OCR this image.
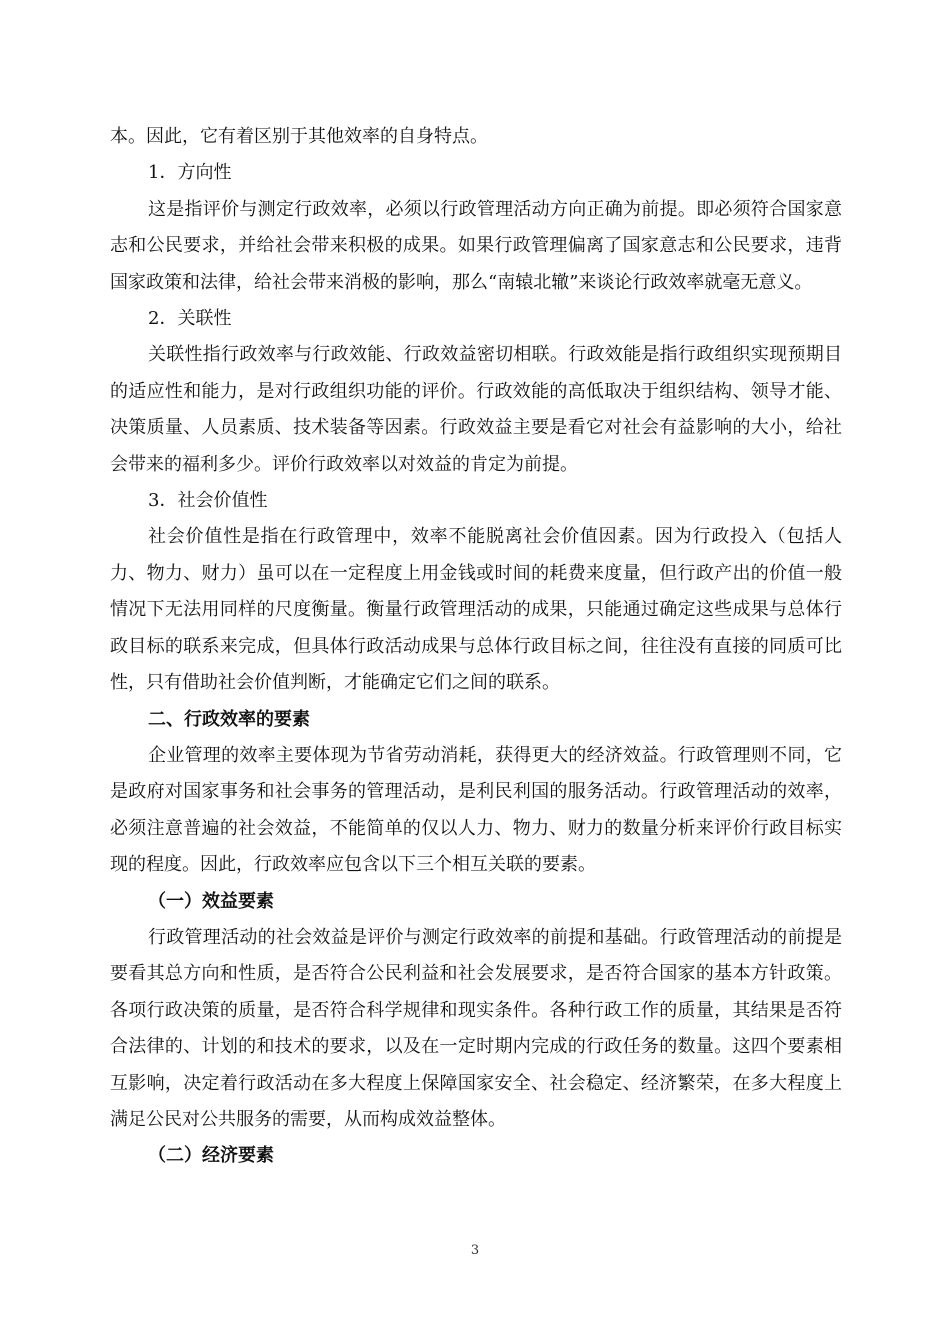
本。因此，它有着区别于其他效率的自身特点。

1．方向性

这是指评价与测定行政效率，必须以行政管理活动方向正确为前提。即必须符合国家意志和公民要求，并给社会带来积极的成果。如果行政管理偏离了国家意志和公民要求，违背国家政策和法律，给社会带来消极的影响，那么“南辕北辙”来谈论行政效率就毫无意义。

2．关联性

关联性指行政效率与行政效能、行政效益密切相联。行政效能是指行政组织实现预期目的适应性和能力，是对行政组织功能的评价。行政效能的高低取决于组织结构、领导才能、决策质量、人员素质、技术装备等因素。行政效益主要是看它对社会有益影响的大小，给社会带来的福利多少。评价行政效率以对效益的肯定为前提。

3．社会价值性

社会价值性是指在行政管理中，效率不能脱离社会价值因素。因为行政投入（包括人力、物力、财力）虽可以在一定程度上用金钱或时间的耗费来度量，但行政产出的价值一般情况下无法用同样的尺度衡量。衡量行政管理活动的成果，只能通过确定这些成果与总体行政目标的联系来完成，但具体行政活动成果与总体行政目标之间，往往没有直接的同质可比性，只有借助社会价值判断，才能确定它们之间的联系。

二、行政效率的要素

企业管理的效率主要体现为节省劳动消耗，获得更大的经济效益。行政管理则不同，它是政府对国家事务和社会事务的管理活动，是利民利国的服务活动。行政管理活动的效率，必须注意普遍的社会效益，不能简单的仅以人力、物力、财力的数量分析来评价行政目标实现的程度。因此，行政效率应包含以下三个相互关联的要素。

（一）效益要素

行政管理活动的社会效益是评价与测定行政效率的前提和基础。行政管理活动的前提是要看其总方向和性质，是否符合公民利益和社会发展要求，是否符合国家的基本方针政策。各项行政决策的质量，是否符合科学规律和现实条件。各种行政工作的质量，其结果是否符合法律的、计划的和技术的要求，以及在一定时期内完成的行政任务的数量。这四个要素相互影响，决定着行政活动在多大程度上保障国家安全、社会稳定、经济繁荣，在多大程度上满足公民对公共服务的需要，从而构成效益整体。

（二）经济要素

3
